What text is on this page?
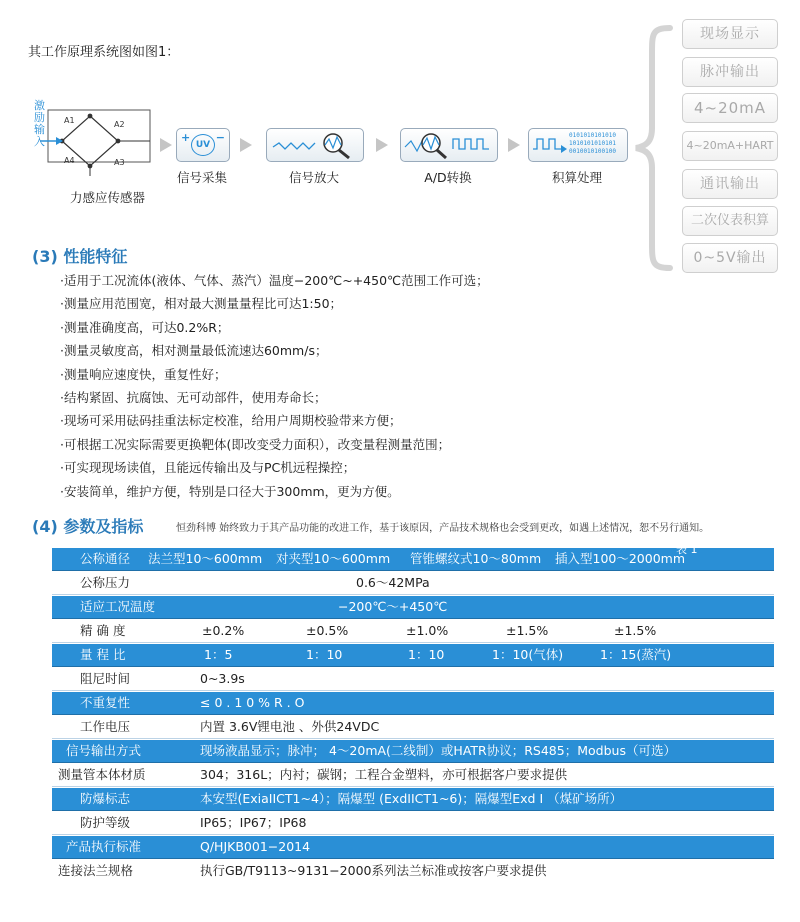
其工作原理系统图如图1：
激
励
输
入
A1	A2
A3
A4
力感应传感器
+ −
UV
信号采集	信号放大	A/D转换
0101010101010
1010101010101
0010010100100
积算处理
现场显示
脉冲输出
4~20mA
4~20mA+HART
通讯输出
二次仪表积算
0~5V输出
(3) 性能特征
·适用于工况流体(液体、气体、蒸汽）温度−200℃~+450℃范围工作可选；
·测量应用范围宽，相对最大测量量程比可达1:50；
·测量准确度高，可达0.2%R；
·测量灵敏度高，相对测量最低流速达60mm/s；
·测量响应速度快，重复性好；
·结构紧固、抗腐蚀、无可动部件，使用寿命长；
·现场可采用砝码挂重法标定校准，给用户周期校验带来方便；
·可根据工况实际需要更换靶体(即改变受力面积），改变量程测量范围；
·可实现现场读值，且能远传输出及与PC机远程操控；
·安装简单，维护方便，特别是口径大于300mm，更为方便。
(4) 参数及指标	恒劲科博 始终致力于其产品功能的改进工作，基于该原因，产品技术规格也会受到更改，如遇上述情况，恕不另行通知。
公称通径 法兰型10～600mm 对夹型10～600mm 管锥螺纹式10～80mm 插入型100～2000mm
表 1
公称压力	0.6～42MPa
适应工况温度	−200℃～+450℃
精 确 度	±0.2%	±0.5%	±1.0%	±1.5%	±1.5%
量 程 比	1：5	1：10	1：10	1：10(气体)	1：15(蒸汽)
阻尼时间	0~3.9s
不重复性	≤ 0 . 1 0 % R . O
工作电压	内置 3.6V锂电池 、外供24VDC
信号输出方式	现场液晶显示；脉冲； 4～20mA(二线制）或HATR协议；RS485；Modbus（可选）
测量管本体材质	304；316L；内衬；碳钢；工程合金塑料，亦可根据客户要求提供
防爆标志	本安型(ExiaIICT1~4）；隔爆型 (ExdIICT1~6)；隔爆型Exd I （煤矿场所）
防护等级	IP65；IP67；IP68
产品执行标准	Q/HJKB001−2014
连接法兰规格	执行GB/T9113~9131−2000系列法兰标准或按客户要求提供
